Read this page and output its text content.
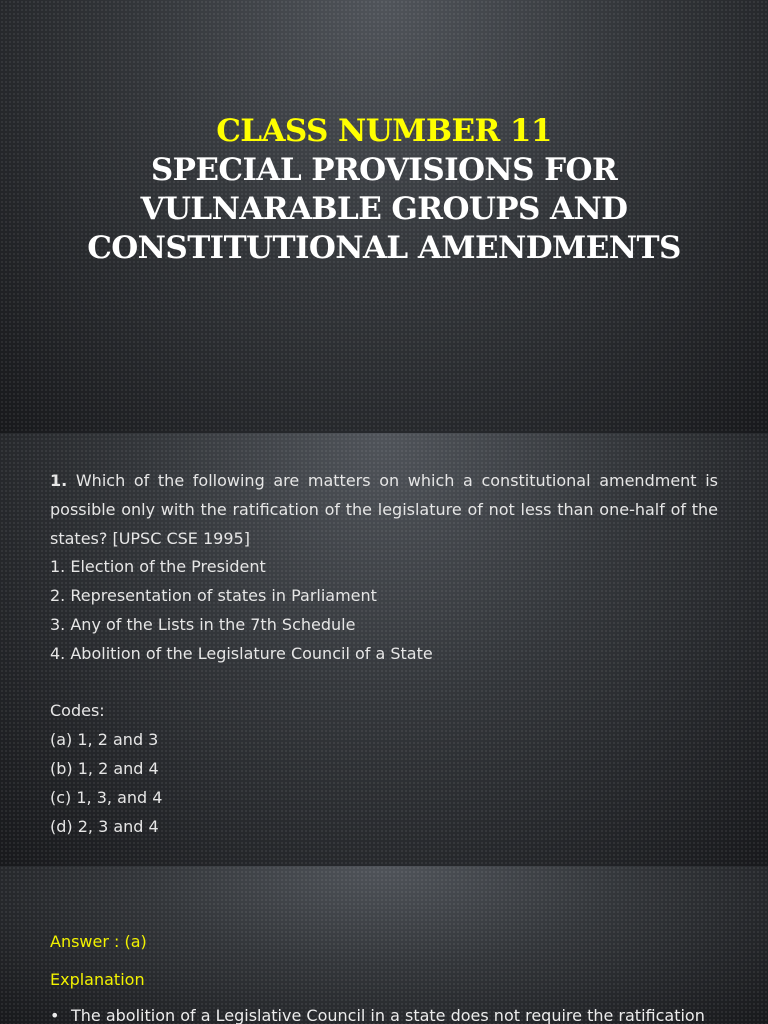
CLASS NUMBER 11
SPECIAL PROVISIONS FOR
VULNARABLE GROUPS AND
CONSTITUTIONAL AMENDMENTS
1. Which of the following are matters on which a constitutional amendment is possible only with the ratification of the legislature of not less than one-half of the states? [UPSC CSE 1995]
1. Election of the President
2. Representation of states in Parliament
3. Any of the Lists in the 7th Schedule
4. Abolition of the Legislature Council of a State
Codes:
(a) 1, 2 and 3
(b) 1, 2 and 4
(c) 1, 3, and 4
(d) 2, 3 and 4
Answer : (a)
Explanation
• The abolition of a Legislative Council in a state does not require the ratification
